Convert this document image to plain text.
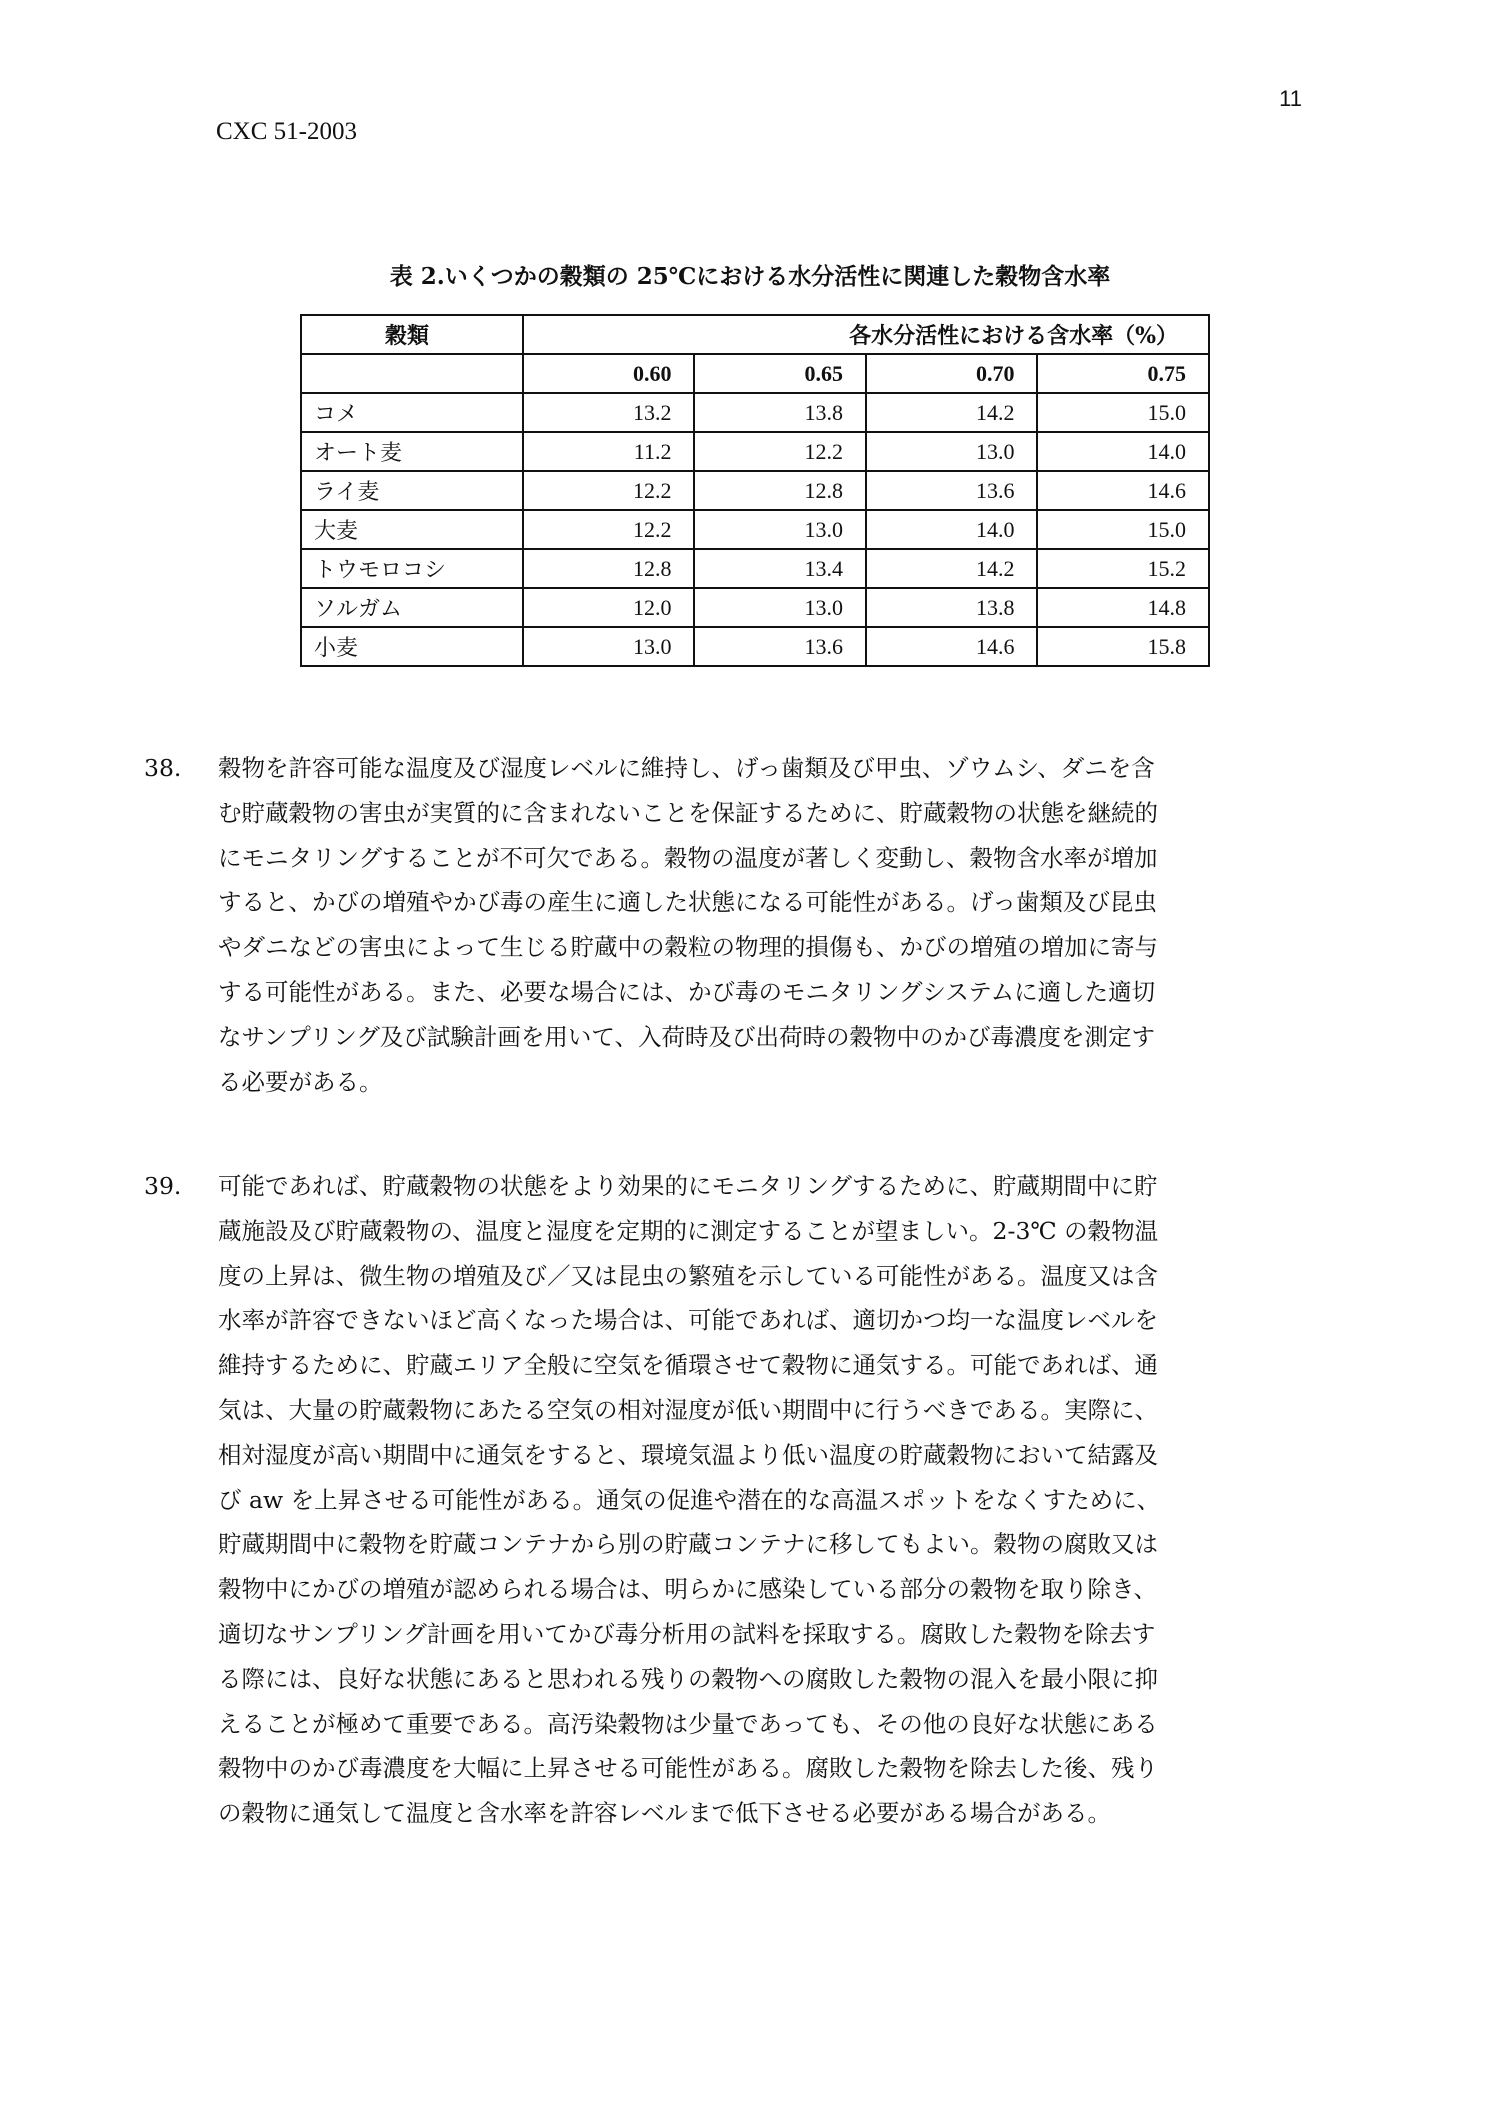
11
CXC 51-2003
表 2.いくつかの穀類の 25℃における水分活性に関連した穀物含水率
穀類	各水分活性における含水率（%）			
	0.60	0.65	0.70	0.75
コメ	13.2	13.8	14.2	15.0
オート麦	11.2	12.2	13.0	14.0
ライ麦	12.2	12.8	13.6	14.6
大麦	12.2	13.0	14.0	15.0
トウモロコシ	12.8	13.4	14.2	15.2
ソルガム	12.0	13.0	13.8	14.8
小麦	13.0	13.6	14.6	15.8
38. 穀物を許容可能な温度及び湿度レベルに維持し、げっ歯類及び甲虫、ゾウムシ、ダニを含
む貯蔵穀物の害虫が実質的に含まれないことを保証するために、貯蔵穀物の状態を継続的
にモニタリングすることが不可欠である。穀物の温度が著しく変動し、穀物含水率が増加
すると、かびの増殖やかび毒の産生に適した状態になる可能性がある。げっ歯類及び昆虫
やダニなどの害虫によって生じる貯蔵中の穀粒の物理的損傷も、かびの増殖の増加に寄与
する可能性がある。また、必要な場合には、かび毒のモニタリングシステムに適した適切
なサンプリング及び試験計画を用いて、入荷時及び出荷時の穀物中のかび毒濃度を測定す
る必要がある。
39. 可能であれば、貯蔵穀物の状態をより効果的にモニタリングするために、貯蔵期間中に貯
蔵施設及び貯蔵穀物の、温度と湿度を定期的に測定することが望ましい。2-3℃ の穀物温
度の上昇は、微生物の増殖及び／又は昆虫の繁殖を示している可能性がある。温度又は含
水率が許容できないほど高くなった場合は、可能であれば、適切かつ均一な温度レベルを
維持するために、貯蔵エリア全般に空気を循環させて穀物に通気する。可能であれば、通
気は、大量の貯蔵穀物にあたる空気の相対湿度が低い期間中に行うべきである。実際に、
相対湿度が高い期間中に通気をすると、環境気温より低い温度の貯蔵穀物において結露及
び aw を上昇させる可能性がある。通気の促進や潜在的な高温スポットをなくすために、
貯蔵期間中に穀物を貯蔵コンテナから別の貯蔵コンテナに移してもよい。穀物の腐敗又は
穀物中にかびの増殖が認められる場合は、明らかに感染している部分の穀物を取り除き、
適切なサンプリング計画を用いてかび毒分析用の試料を採取する。腐敗した穀物を除去す
る際には、良好な状態にあると思われる残りの穀物への腐敗した穀物の混入を最小限に抑
えることが極めて重要である。高汚染穀物は少量であっても、その他の良好な状態にある
穀物中のかび毒濃度を大幅に上昇させる可能性がある。腐敗した穀物を除去した後、残り
の穀物に通気して温度と含水率を許容レベルまで低下させる必要がある場合がある。
